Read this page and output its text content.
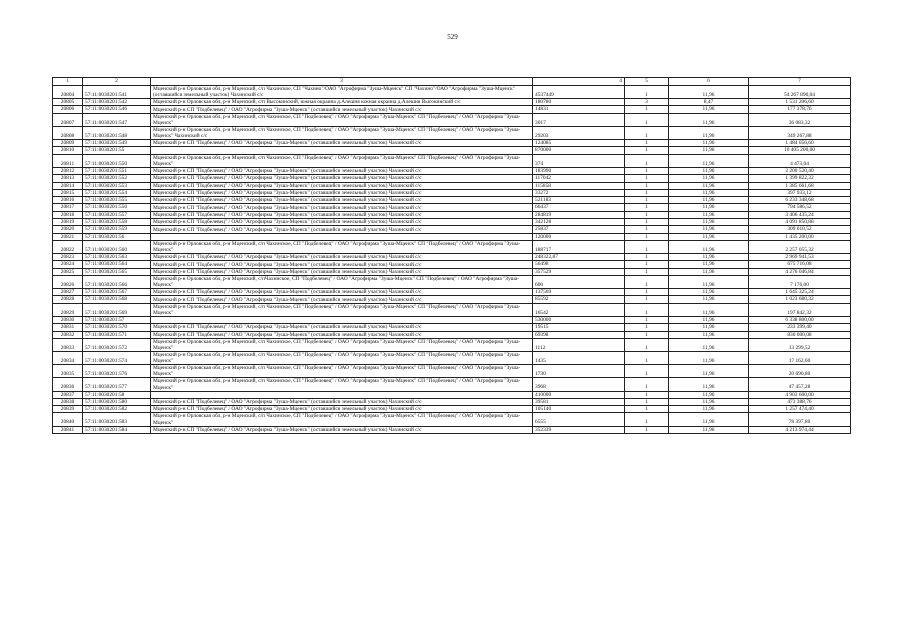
529
1	2	3	4	5	6	7
20804	57:11:0030201:541	Мценский р-н Орловская обл, р-н Мценский, с/п Чахинское, СП "Чахино"/ОАО "Агрофирма "Зуша-Мценск" СП "Чахино"/ОАО "Агрофирма "Зуша-Мценск" (оставшийся земельный участок) Чахинский с/с	4537449	1	11,96	54 267 890,04
20805	57:11:0030201:542	Мценский р-н Орловская обл, р-н Мценский, с/п Высокинский, южная окраина д.Алешня южная окраина д.Алешня Высокинский с/с	180780	3	8,47	1 531 206,60
20806	57:11:0030201:546	Мценский р-н СП "Подбелевец" / ОАО "Агрофирма "Зуша-Мценск" (оставшийся земельный участок) Чахинский с/с	14831	1	11,96	177 378,76
20807	57:11:0030201:547	Мценский р-н Орловская обл, р-н Мценский, с/п Чахинское, СП "Подбелевец" / ОАО "Агрофирма "Зуша-Мценск" СП "Подбелевец" / ОАО "Агрофирма "Зуша-Мценск"	3017	1	11,96	36 083,32
20808	57:11:0030201:548	Мценский р-н Орловская обл, р-н Мценский, с/п Чахинское, СП "Подбелевец" / ОАО "Агрофирма "Зуша-Мценск" СП "Подбелевец" / ОАО "Агрофирма "Зуша-Мценск" Чахинский с/с	29203	1	11,96	349 267,88
20809	57:11:0030201:549	Мценский р-н СП "Подбелевец" / ОАО "Агрофирма "Зуша-Мценск" (оставшийся земельный участок) Чахинский с/с	124085	1	11,96	1 484 056,60
20810	57:11:0030201:55		870000	1	11,96	10 405 200,00
20811	57:11:0030201:550	Мценский р-н Орловская обл, р-н Мценский, с/п Чахинское, СП "Подбелевец" / ОАО "Агрофирма "Зуша-Мценск" СП "Подбелевец" / ОАО "Агрофирма "Зуша-Мценск"	374	1	11,96	4 473,04
20812	57:11:0030201:551	Мценский р-н СП "Подбелевец" / ОАО "Агрофирма "Зуша-Мценск" (оставшийся земельный участок) Чахинский с/с	183990	1	11,96	2 200 520,40
20813	57:11:0030201:552	Мценский р-н СП "Подбелевец" / ОАО "Агрофирма "Зуша-Мценск" (оставшийся земельный участок) Чахинский с/с	117042	1	11,96	1 399 822,32
20814	57:11:0030201:553	Мценский р-н СП "Подбелевец" / ОАО "Агрофирма "Зуша-Мценск" (оставшийся земельный участок) Чахинский с/с	115858	1	11,96	1 385 661,68
20815	57:11:0030201:554	Мценский р-н СП "Подбелевец" / ОАО "Агрофирма "Зуша-Мценск" (оставшийся земельный участок) Чахинский с/с	33272	1	11,96	397 933,12
20816	57:11:0030201:555	Мценский р-н СП "Подбелевец" / ОАО "Агрофирма "Зуша-Мценск" (оставшийся земельный участок) Чахинский с/с	521183	1	11,96	6 233 348,68
20817	57:11:0030201:556	Мценский р-н СП "Подбелевец" / ОАО "Агрофирма "Зуша-Мценск" (оставшийся земельный участок) Чахинский с/с	66437	1	11,96	794 586,52
20818	57:11:0030201:557	Мценский р-н СП "Подбелевец" / ОАО "Агрофирма "Зуша-Мценск" (оставшийся земельный участок) Чахинский с/с	284819	1	11,96	3 406 435,24
20819	57:11:0030201:558	Мценский р-н СП "Подбелевец" / ОАО "Агрофирма "Зуша-Мценск" (оставшийся земельный участок) Чахинский с/с	342128	1	11,96	4 091 850,88
20820	57:11:0030201:559	Мценский р-н СП "Подбелевец" / ОАО "Агрофирма "Зуша-Мценск" (оставшийся земельный участок) Чахинский с/с	25837	1	11,96	309 010,52
20821	57:11:0030201:56		120000	1	11,96	1 435 200,00
20822	57:11:0030201:560	Мценский р-н Орловская обл, р-н Мценский, с/п Чахинское, СП "Подбелевец" / ОАО "Агрофирма "Зуша-Мценск" СП "Подбелевец" / ОАО "Агрофирма "Зуша-Мценск"	188717	1	11,96	2 257 055,32
20823	57:11:0030201:563	Мценский р-н СП "Подбелевец" / ОАО "Агрофирма "Зуша-Мценск" (оставшийся земельный участок) Чахинский с/с	248322,87	1	11,96	2 969 941,53
20824	57:11:0030201:564	Мценский р-н СП "Подбелевец" / ОАО "Агрофирма "Зуша-Мценск" (оставшийся земельный участок) Чахинский с/с	56498	1	11,96	675 716,08
20825	57:11:0030201:565	Мценский р-н СП "Подбелевец" / ОАО "Агрофирма "Зуша-Мценск" (оставшийся земельный участок) Чахинский с/с	357529	1	11,96	4 276 046,84
20826	57:11:0030201:566	Мценский р-н Орловская обл, р-н Мценский, с/пЧахинское, СП "Подбелевец" / ОАО "Агрофирма "Зуша-Мценск" СП "Подбелевец" / ОАО "Агрофирма "Зуша-Мценск"	600	1	11,96	7 176,00
20827	57:11:0030201:567	Мценский р-н СП "Подбелевец" / ОАО "Агрофирма "Зуша-Мценск" (оставшийся земельный участок) Чахинский с/с	137569	1	11,96	1 645 325,24
20828	57:11:0030201:568	Мценский р-н СП "Подбелевец" / ОАО "Агрофирма "Зуша-Мценск" (оставшийся земельный участок) Чахинский с/с	85592	1	11,96	1 023 680,32
20829	57:11:0030201:569	Мценский р-н Орловская обл, р-н Мценский, с/п Чахинское, СП "Подбелевец" / ОАО "Агрофирма "Зуша-Мценск" СП "Подбелевец" / ОАО "Агрофирма "Зуша-Мценск"	16542	1	11,96	197 842,32
20830	57:11:0030201:57		530000	1	11,96	6 338 800,00
20831	57:11:0030201:570	Мценский р-н СП "Подбелевец" / ОАО "Агрофирма "Зуша-Мценск" (оставшийся земельный участок) Чахинский с/с	19515	1	11,96	233 399,40
20832	57:11:0030201:571	Мценский р-н СП "Подбелевец" / ОАО "Агрофирма "Зуша-Мценск" (оставшийся земельный участок) Чахинский с/с	69398	1	11,96	830 000,08
20833	57:11:0030201:572	Мценский р-н Орловская обл, р-н Мценский, с/п Чахинское, СП "Подбелевец" / ОАО "Агрофирма "Зуша-Мценск" СП "Подбелевец" / ОАО "Агрофирма "Зуша-Мценск"	1112	1	11,96	13 299,52
20834	57:11:0030201:574	Мценский р-н Орловская обл, р-н Мценский, с/п Чахинское, СП "Подбелевец" / ОАО "Агрофирма "Зуша-Мценск" СП "Подбелевец" / ОАО "Агрофирма "Зуша-Мценск"	1435	1	11,96	17 162,60
20835	57:11:0030201:576	Мценский р-н Орловская обл, р-н Мценский, с/п Чахинское, СП "Подбелевец" / ОАО "Агрофирма "Зуша-Мценск" СП "Подбелевец" / ОАО "Агрофирма "Зуша-Мценск"	1730	1	11,96	20 690,80
20836	57:11:0030201:577	Мценский р-н Орловская обл, р-н Мценский, с/п Чахинское, СП "Подбелевец" / ОАО "Агрофирма "Зуша-Мценск" СП "Подбелевец" / ОАО "Агрофирма "Зуша-Мценск"	3968	1	11,96	47 457,28
20837	57:11:0030201:58		410000	1	11,96	4 903 600,00
20838	57:11:0030201:580	Мценский р-н СП "Подбелевец" / ОАО "Агрофирма "Зуша-Мценск" (оставшийся земельный участок) Чахинский с/с	39581	1	11,96	473 388,76
20839	57:11:0030201:582	Мценский р-н СП "Подбелевец" / ОАО "Агрофирма "Зуша-Мценск" (оставшийся земельный участок) Чахинский с/с	105140	1	11,96	1 257 474,40
20840	57:11:0030201:583	Мценский р-н Орловская обл, р-н Мценский, с/п Чахинское, СП "Подбелевец" / ОАО "Агрофирма "Зуша-Мценск" СП "Подбелевец" / ОАО "Агрофирма "Зуша-Мценск"	6555	1	11,96	78 397,80
20841	57:11:0030201:584	Мценский р-н СП "Подбелевец" / ОАО "Агрофирма "Зуша-Мценск" (оставшийся земельный участок) Чахинский с/с	352339	1	11,96	4 213 974,44
